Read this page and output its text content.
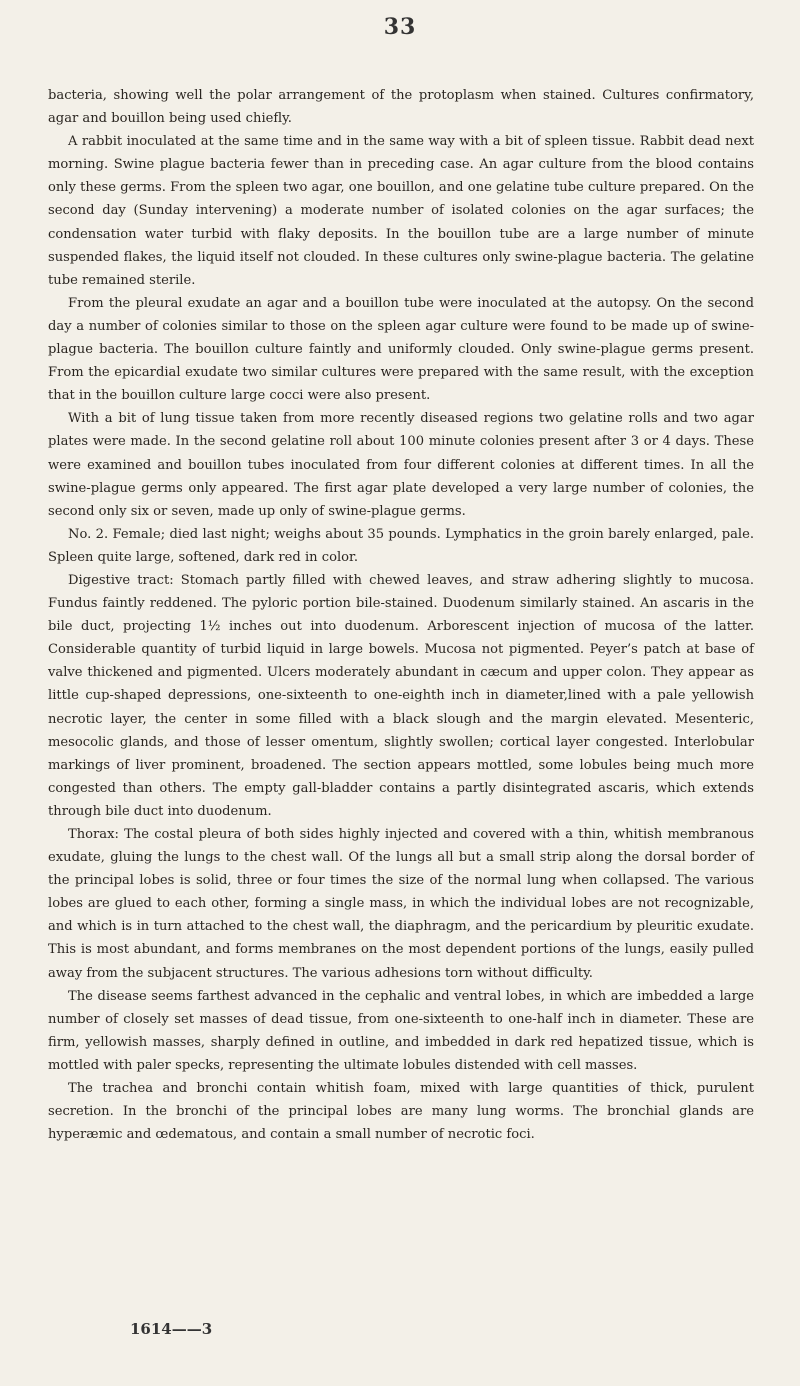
33

bacteria, showing well the polar arrangement of the protoplasm when stained. Cultures confirmatory, agar and bouillon being used chiefly.

A rabbit inoculated at the same time and in the same way with a bit of spleen tissue. Rabbit dead next morning. Swine plague bacteria fewer than in preceding case. An agar culture from the blood contains only these germs. From the spleen two agar, one bouillon, and one gelatine tube culture prepared. On the second day (Sunday intervening) a moderate number of isolated colonies on the agar surfaces; the condensation water turbid with flaky deposits. In the bouillon tube are a large number of minute suspended flakes, the liquid itself not clouded. In these cultures only swine-plague bacteria. The gelatine tube remained sterile.

From the pleural exudate an agar and a bouillon tube were inoculated at the autopsy. On the second day a number of colonies similar to those on the spleen agar culture were found to be made up of swine-plague bacteria. The bouillon culture faintly and uniformly clouded. Only swine-plague germs present. From the epicardial exudate two similar cultures were prepared with the same result, with the exception that in the bouillon culture large cocci were also present.

With a bit of lung tissue taken from more recently diseased regions two gelatine rolls and two agar plates were made. In the second gelatine roll about 100 minute colonies present after 3 or 4 days. These were examined and bouillon tubes inoculated from four different colonies at different times. In all the swine-plague germs only appeared. The first agar plate developed a very large number of colonies, the second only six or seven, made up only of swine-plague germs.

No. 2. Female; died last night; weighs about 35 pounds. Lymphatics in the groin barely enlarged, pale. Spleen quite large, softened, dark red in color.

Digestive tract: Stomach partly filled with chewed leaves, and straw adhering slightly to mucosa. Fundus faintly reddened. The pyloric portion bile-stained. Duodenum similarly stained. An ascaris in the bile duct, projecting 1½ inches out into duodenum. Arborescent injection of mucosa of the latter. Considerable quantity of turbid liquid in large bowels. Mucosa not pigmented. Peyer’s patch at base of valve thickened and pigmented. Ulcers moderately abundant in cæcum and upper colon. They appear as little cup-shaped depressions, one-sixteenth to one-eighth inch in diameter,lined with a pale yellowish necrotic layer, the center in some filled with a black slough and the margin elevated. Mesenteric, mesocolic glands, and those of lesser omentum, slightly swollen; cortical layer congested. Interlobular markings of liver prominent, broadened. The section appears mottled, some lobules being much more congested than others. The empty gall-bladder contains a partly disintegrated ascaris, which extends through bile duct into duodenum.

Thorax: The costal pleura of both sides highly injected and covered with a thin, whitish membranous exudate, gluing the lungs to the chest wall. Of the lungs all but a small strip along the dorsal border of the principal lobes is solid, three or four times the size of the normal lung when collapsed. The various lobes are glued to each other, forming a single mass, in which the individual lobes are not recognizable, and which is in turn attached to the chest wall, the diaphragm, and the pericardium by pleuritic exudate. This is most abundant, and forms membranes on the most dependent portions of the lungs, easily pulled away from the subjacent structures. The various adhesions torn without difficulty.

The disease seems farthest advanced in the cephalic and ventral lobes, in which are imbedded a large number of closely set masses of dead tissue, from one-sixteenth to one-half inch in diameter. These are firm, yellowish masses, sharply defined in outline, and imbedded in dark red hepatized tissue, which is mottled with paler specks, representing the ultimate lobules distended with cell masses.

The trachea and bronchi contain whitish foam, mixed with large quantities of thick, purulent secretion. In the bronchi of the principal lobes are many lung worms. The bronchial glands are hyperæmic and œdematous, and contain a small number of necrotic foci.

1614——3
